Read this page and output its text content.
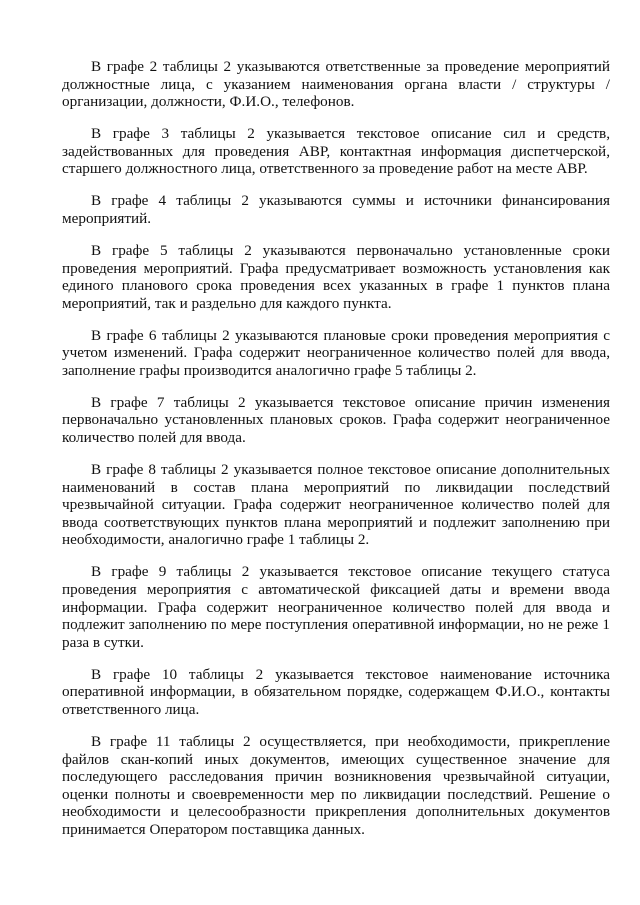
В графе 2 таблицы 2 указываются ответственные за проведение мероприятий должностные лица, с указанием наименования органа власти / структуры / организации, должности, Ф.И.О., телефонов.

В графе 3 таблицы 2 указывается текстовое описание сил и средств, задействованных для проведения АВР, контактная информация диспетчерской, старшего должностного лица, ответственного за проведение работ на месте АВР.

В графе 4 таблицы 2 указываются суммы и источники финансирования мероприятий.

В графе 5 таблицы 2 указываются первоначально установленные сроки проведения мероприятий. Графа предусматривает возможность установления как единого планового срока проведения всех указанных в графе 1 пунктов плана мероприятий, так и раздельно для каждого пункта.

В графе 6 таблицы 2 указываются плановые сроки проведения мероприятия с учетом изменений. Графа содержит неограниченное количество полей для ввода, заполнение графы производится аналогично графе 5 таблицы 2.

В графе 7 таблицы 2 указывается текстовое описание причин изменения первоначально установленных плановых сроков. Графа содержит неограниченное количество полей для ввода.

В графе 8 таблицы 2 указывается полное текстовое описание дополнительных наименований в состав плана мероприятий по ликвидации последствий чрезвычайной ситуации. Графа содержит неограниченное количество полей для ввода соответствующих пунктов плана мероприятий и подлежит заполнению при необходимости, аналогично графе 1 таблицы 2.

В графе 9 таблицы 2 указывается текстовое описание текущего статуса проведения мероприятия с автоматической фиксацией даты и времени ввода информации. Графа содержит неограниченное количество полей для ввода и подлежит заполнению по мере поступления оперативной информации, но не реже 1 раза в сутки.

В графе 10 таблицы 2 указывается текстовое наименование источника оперативной информации, в обязательном порядке, содержащем Ф.И.О., контакты ответственного лица.

В графе 11 таблицы 2 осуществляется, при необходимости, прикрепление файлов скан-копий иных документов, имеющих существенное значение для последующего расследования причин возникновения чрезвычайной ситуации, оценки полноты и своевременности мер по ликвидации последствий. Решение о необходимости и целесообразности прикрепления дополнительных документов принимается Оператором поставщика данных.
